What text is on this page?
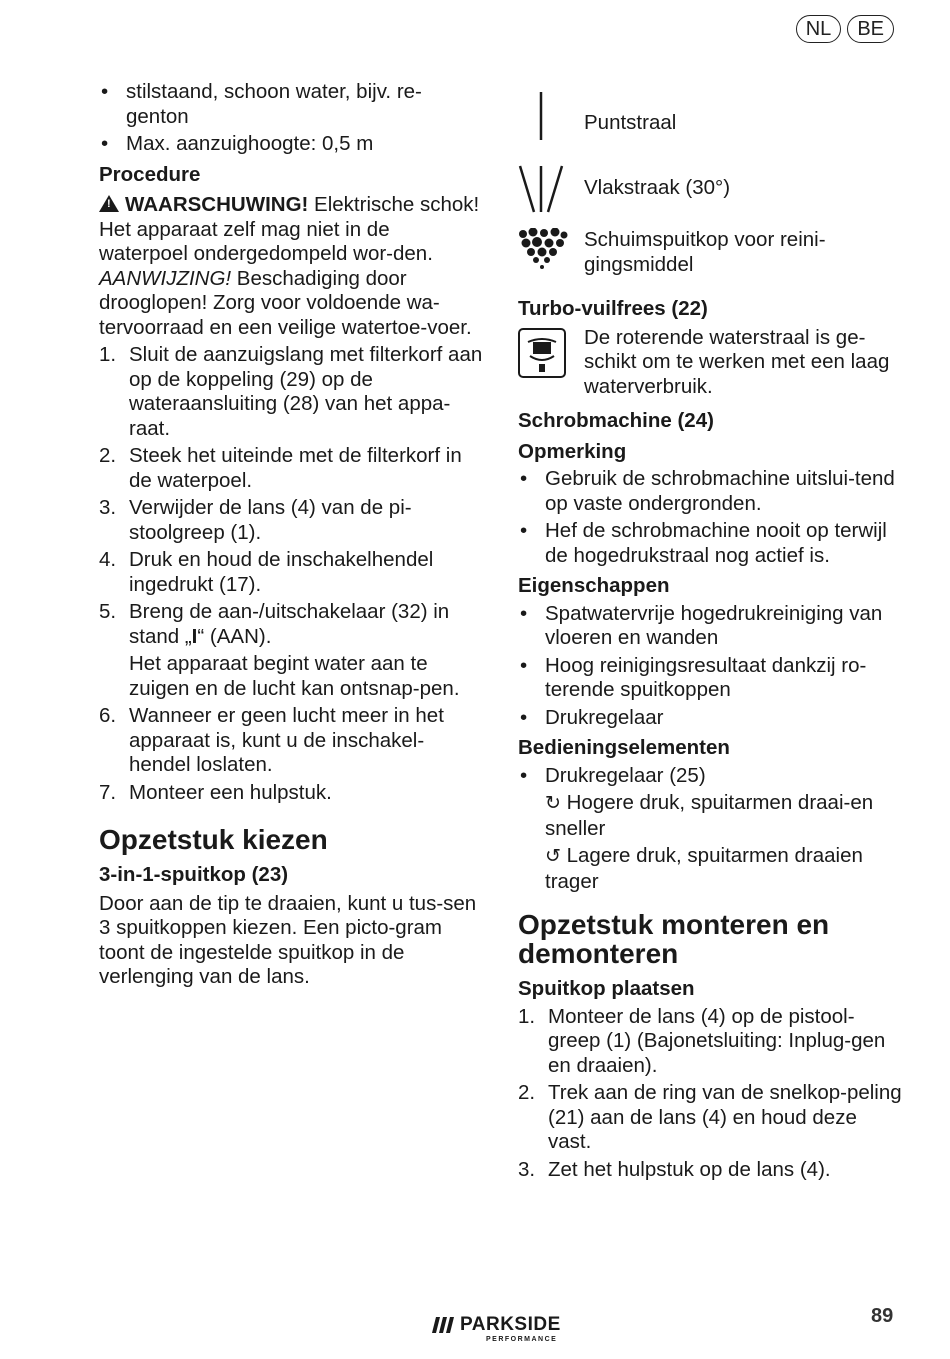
NL	BE
• stilstaand, schoon water, bijv. re-genton
• Max. aanzuighoogte: 0,5 m

Procedure

! WAARSCHUWING! Elektrische schok! Het apparaat zelf mag niet in de waterpoel ondergedompeld wor-den.

AANWIJZING! Beschadiging door drooglopen! Zorg voor voldoende wa-tervoorraad en een veilige watertoe-voer.

1. Sluit de aanzuigslang met filterkorf aan op de koppeling (29) op de wateraansluiting (28) van het appa-raat.
2. Steek het uiteinde met de filterkorf in de waterpoel.
3. Verwijder de lans (4) van de pi-stoolgreep (1).
4. Druk en houd de inschakelhendel ingedrukt (17).
5. Breng de aan-/uitschakelaar (32) in stand „I“ (AAN).
Het apparaat begint water aan te zuigen en de lucht kan ontsnap-pen.
6. Wanneer er geen lucht meer in het apparaat is, kunt u de inschakel-hendel loslaten.
7. Monteer een hulpstuk.
Opzetstuk kiezen

3-in-1-spuitkop (23)

Door aan de tip te draaien, kunt u tus-sen 3 spuitkoppen kiezen. Een picto-gram toont de ingestelde spuitkop in de verlenging van de lans.

Puntstraal
Vlakstraak (30°)
Schuimspuitkop voor reini-gingsmiddel

Turbo-vuilfrees (22)

De roterende waterstraal is ge-schikt om te werken met een laag waterverbruik.

Schrobmachine (24)

Opmerking

• Gebruik de schrobmachine uitslui-tend op vaste ondergronden.
• Hef de schrobmachine nooit op terwijl de hogedrukstraal nog actief is.

Eigenschappen

• Spatwatervrije hogedrukreiniging van vloeren en wanden
• Hoog reinigingsresultaat dankzij ro-terende spuitkoppen
• Drukregelaar

Bedieningselementen

• Drukregelaar (25)
↻ Hogere druk, spuitarmen draai-en sneller
↺ Lagere druk, spuitarmen draaien trager
Opzetstuk monteren en demonteren

Spuitkop plaatsen

1. Monteer de lans (4) op de pistool-greep (1) (Bajonetsluiting: Inplug-gen en draaien).
2. Trek aan de ring van de snelkop-peling (21) aan de lans (4) en houd deze vast.
3. Zet het hulpstuk op de lans (4).
PARKSIDE
PERFORMANCE
89
